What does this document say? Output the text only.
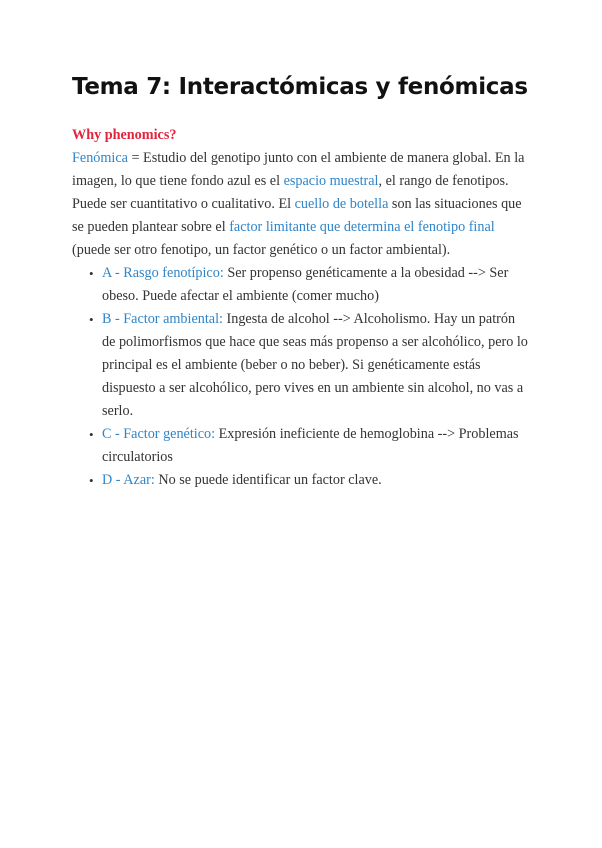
Tema 7: Interactómicas y fenómicas
Why phenomics?

Fenómica = Estudio del genotipo junto con el ambiente de manera global. En la imagen, lo que tiene fondo azul es el espacio muestral, el rango de fenotipos. Puede ser cuantitativo o cualitativo. El cuello de botella son las situaciones que se pueden plantear sobre el factor limitante que determina el fenotipo final (puede ser otro fenotipo, un factor genético o un factor ambiental).

• A - Rasgo fenotípico: Ser propenso genéticamente a la obesidad --> Ser obeso. Puede afectar el ambiente (comer mucho)
• B - Factor ambiental: Ingesta de alcohol --> Alcoholismo. Hay un patrón de polimorfismos que hace que seas más propenso a ser alcohólico, pero lo principal es el ambiente (beber o no beber). Si genéticamente estás dispuesto a ser alcohólico, pero vives en un ambiente sin alcohol, no vas a serlo.
• C - Factor genético: Expresión ineficiente de hemoglobina --> Problemas circulatorios
• D - Azar: No se puede identificar un factor clave.
